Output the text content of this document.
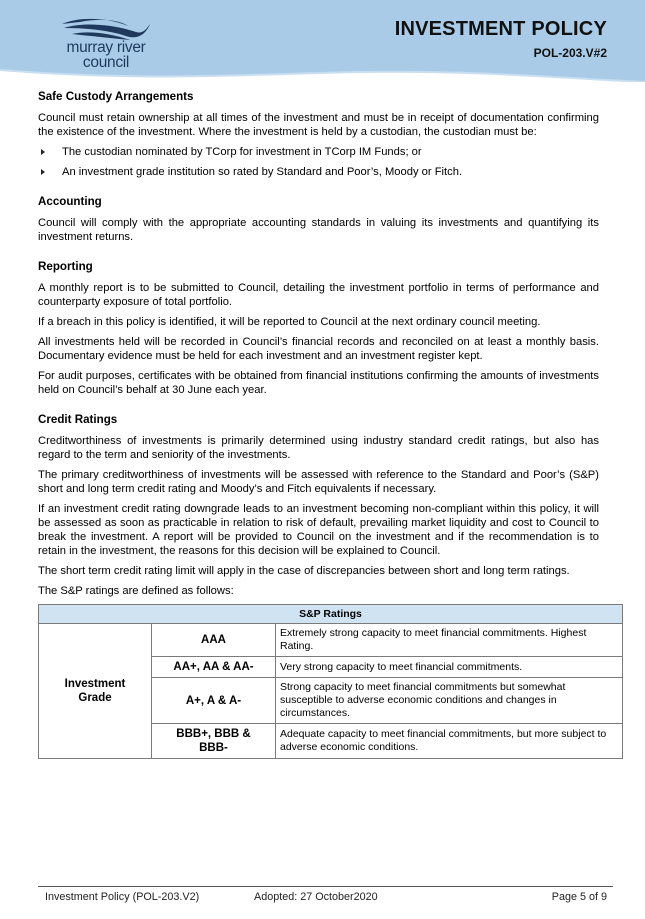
murray river
council
INVESTMENT POLICY
POL-203.V#2
Safe Custody Arrangements

Council must retain ownership at all times of the investment and must be in receipt of documentation confirming the existence of the investment. Where the investment is held by a custodian, the custodian must be:

The custodian nominated by TCorp for investment in TCorp IM Funds; or
An investment grade institution so rated by Standard and Poor’s, Moody or Fitch.
Accounting

Council will comply with the appropriate accounting standards in valuing its investments and quantifying its investment returns.

Reporting

A monthly report is to be submitted to Council, detailing the investment portfolio in terms of performance and counterparty exposure of total portfolio.

If a breach in this policy is identified, it will be reported to Council at the next ordinary council meeting.

All investments held will be recorded in Council’s financial records and reconciled on at least a monthly basis. Documentary evidence must be held for each investment and an investment register kept.

For audit purposes, certificates with be obtained from financial institutions confirming the amounts of investments held on Council’s behalf at 30 June each year.

Credit Ratings

Creditworthiness of investments is primarily determined using industry standard credit ratings, but also has regard to the term and seniority of the investments.

The primary creditworthiness of investments will be assessed with reference to the Standard and Poor’s (S&P) short and long term credit rating and Moody’s and Fitch equivalents if necessary.

If an investment credit rating downgrade leads to an investment becoming non-compliant within this policy, it will be assessed as soon as practicable in relation to risk of default, prevailing market liquidity and cost to Council to break the investment. A report will be provided to Council on the investment and if the recommendation is to retain in the investment, the reasons for this decision will be explained to Council.

The short term credit rating limit will apply in the case of discrepancies between short and long term ratings.

The S&P ratings are defined as follows:

S&P Ratings		
Investment Grade	AAA	Extremely strong capacity to meet financial commitments. Highest Rating.
	AA+, AA & AA-	Very strong capacity to meet financial commitments.
	A+, A & A-	Strong capacity to meet financial commitments but somewhat susceptible to adverse economic conditions and changes in circumstances.
	BBB+, BBB & BBB-	Adequate capacity to meet financial commitments, but more subject to adverse economic conditions.
Investment Policy (POL-203.V2)	Adopted: 27 October2020	Page 5 of 9
